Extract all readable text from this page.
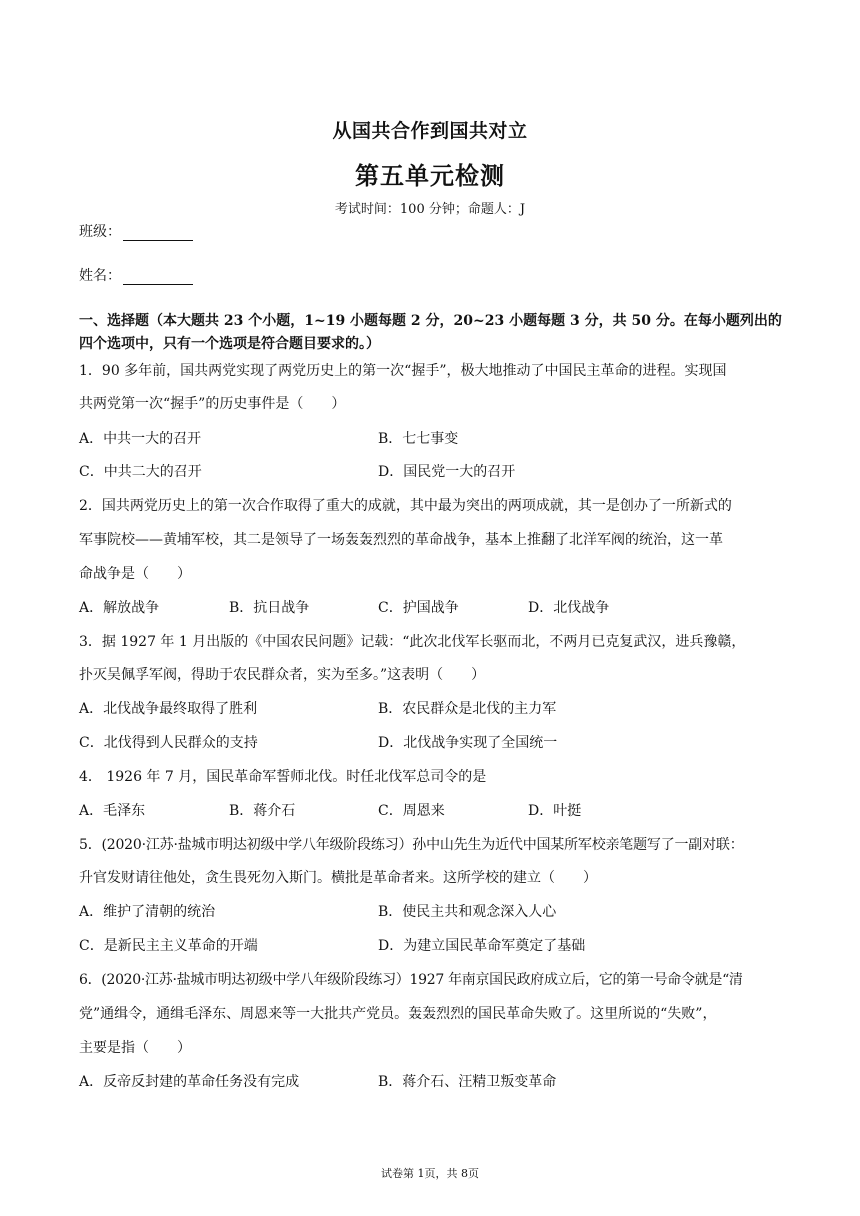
从国共合作到国共对立
第五单元检测
考试时间：100 分钟；命题人：J
班级：
姓名：
一、选择题（本大题共 23 个小题，1~19 小题每题 2 分，20~23 小题每题 3 分，共 50 分。在每小题列出的
四个选项中，只有一个选项是符合题目要求的。）
1．90 多年前，国共两党实现了两党历史上的第一次“握手”，极大地推动了中国民主革命的进程。实现国
共两党第一次“握手”的历史事件是（　　）
A．中共一大的召开	B．七七事变
C．中共二大的召开	D．国民党一大的召开
2．国共两党历史上的第一次合作取得了重大的成就，其中最为突出的两项成就，其一是创办了一所新式的
军事院校——黄埔军校，其二是领导了一场轰轰烈烈的革命战争，基本上推翻了北洋军阀的统治，这一革
命战争是（　　）
A．解放战争	B．抗日战争	C．护国战争	D．北伐战争
3．据 1927 年 1 月出版的《中国农民问题》记载：“此次北伐军长驱而北，不两月已克复武汉，进兵豫赣，
扑灭吴佩孚军阀，得助于农民群众者，实为至多。”这表明（　　）
A．北伐战争最终取得了胜利	B．农民群众是北伐的主力军
C．北伐得到人民群众的支持	D．北伐战争实现了全国统一
4． 1926 年 7 月，国民革命军誓师北伐。时任北伐军总司令的是
A．毛泽东	B．蒋介石	C．周恩来	D．叶挺
5．(2020·江苏·盐城市明达初级中学八年级阶段练习）孙中山先生为近代中国某所军校亲笔题写了一副对联：
升官发财请往他处，贪生畏死勿入斯门。横批是革命者来。这所学校的建立（　　）
A．维护了清朝的统治	B．使民主共和观念深入人心
C．是新民主主义革命的开端	D．为建立国民革命军奠定了基础
6．(2020·江苏·盐城市明达初级中学八年级阶段练习）1927 年南京国民政府成立后，它的第一号命令就是“清
党”通缉令，通缉毛泽东、周恩来等一大批共产党员。轰轰烈烈的国民革命失败了。这里所说的“失败”，
主要是指（　　）
A．反帝反封建的革命任务没有完成	B．蒋介石、汪精卫叛变革命
试卷第 1页，共 8页
